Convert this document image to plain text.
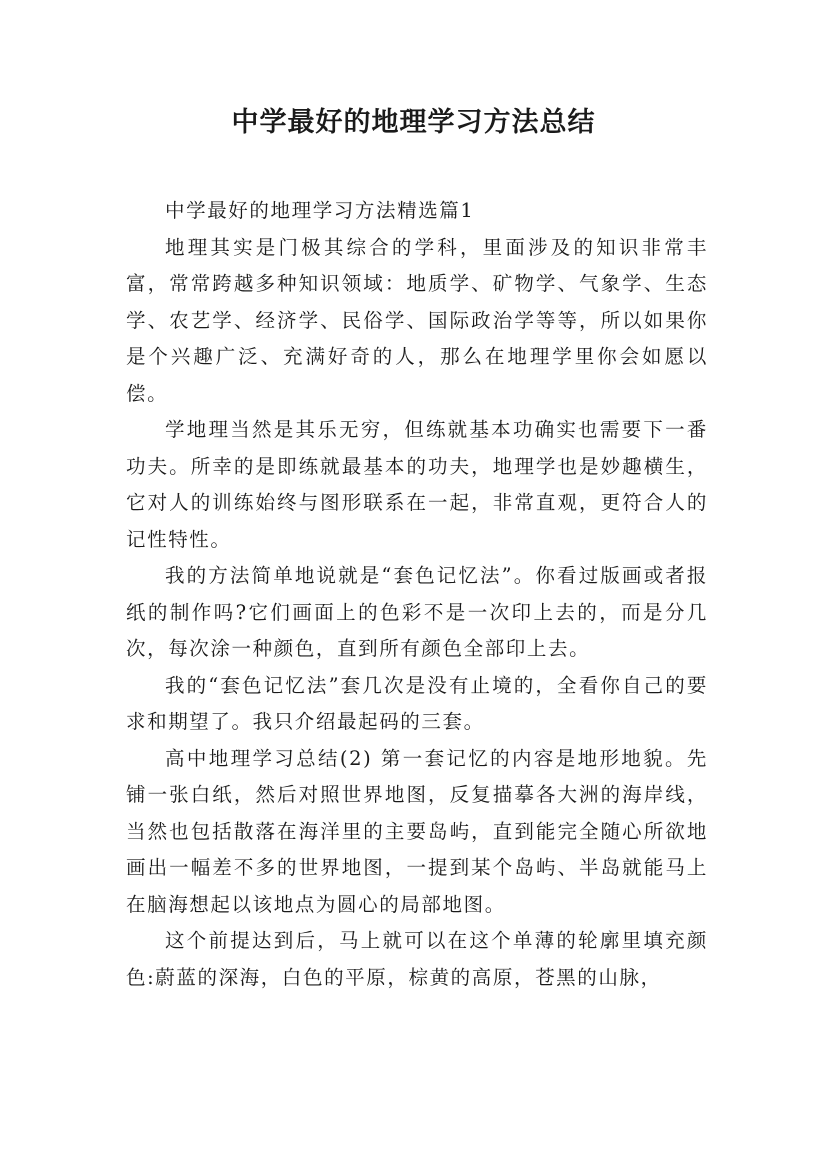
中学最好的地理学习方法总结

中学最好的地理学习方法精选篇1

地理其实是门极其综合的学科，里面涉及的知识非常丰富，常常跨越多种知识领域：地质学、矿物学、气象学、生态学、农艺学、经济学、民俗学、国际政治学等等，所以如果你是个兴趣广泛、充满好奇的人，那么在地理学里你会如愿以偿。

学地理当然是其乐无穷，但练就基本功确实也需要下一番功夫。所幸的是即练就最基本的功夫，地理学也是妙趣横生，它对人的训练始终与图形联系在一起，非常直观，更符合人的记性特性。

我的方法简单地说就是“套色记忆法”。你看过版画或者报纸的制作吗?它们画面上的色彩不是一次印上去的，而是分几次，每次涂一种颜色，直到所有颜色全部印上去。

我的“套色记忆法”套几次是没有止境的，全看你自己的要求和期望了。我只介绍最起码的三套。

高中地理学习总结(2) 第一套记忆的内容是地形地貌。先铺一张白纸，然后对照世界地图，反复描摹各大洲的海岸线，当然也包括散落在海洋里的主要岛屿，直到能完全随心所欲地画出一幅差不多的世界地图，一提到某个岛屿、半岛就能马上在脑海想起以该地点为圆心的局部地图。

这个前提达到后，马上就可以在这个单薄的轮廓里填充颜色:蔚蓝的深海，白色的平原，棕黄的高原，苍黑的山脉，
